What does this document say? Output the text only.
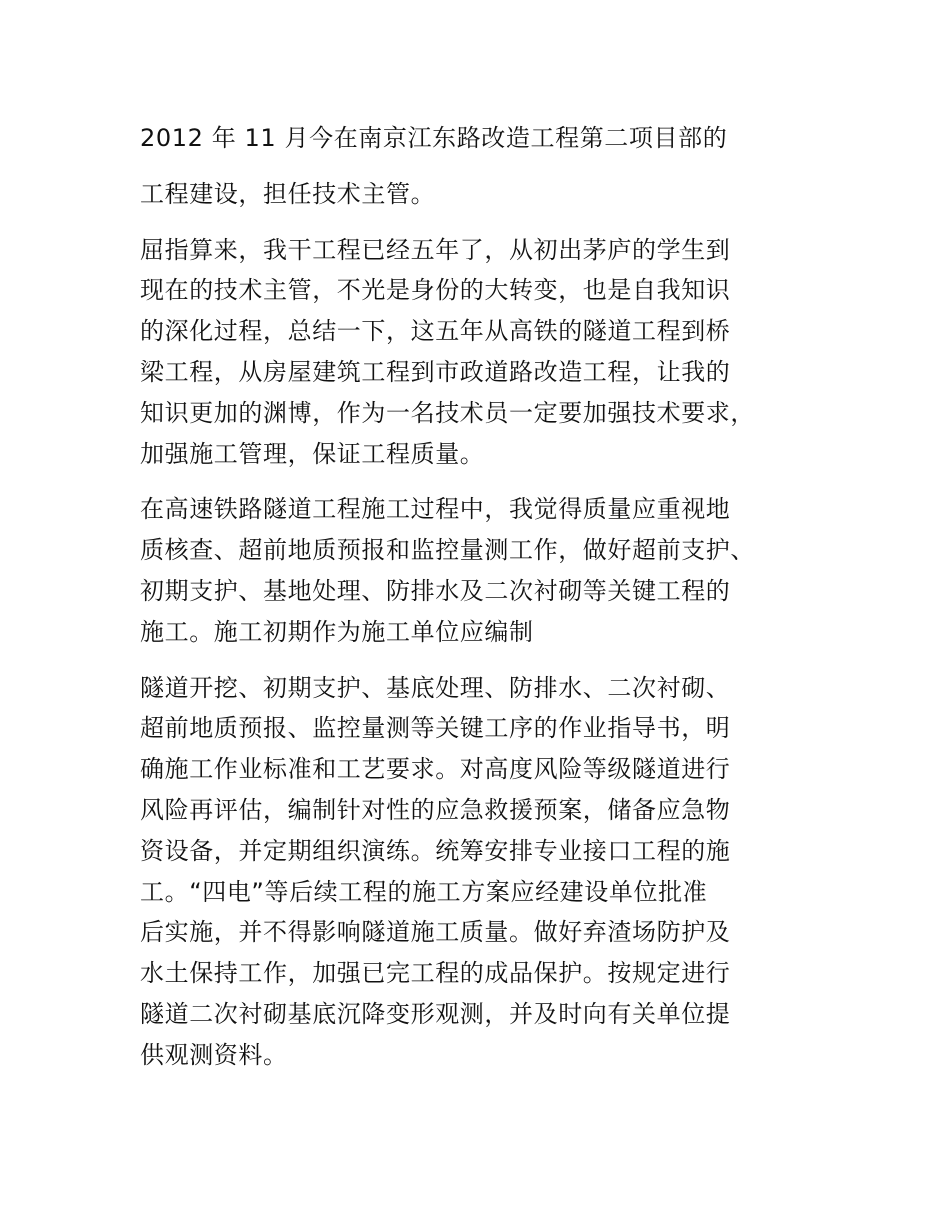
2012 年 11 月今在南京江东路改造工程第二项目部的

工程建设，担任技术主管。

屈指算来，我干工程已经五年了，从初出茅庐的学生到
现在的技术主管，不光是身份的大转变，也是自我知识
的深化过程，总结一下，这五年从高铁的隧道工程到桥
梁工程，从房屋建筑工程到市政道路改造工程，让我的
知识更加的渊博，作为一名技术员一定要加强技术要求，
加强施工管理，保证工程质量。

在高速铁路隧道工程施工过程中，我觉得质量应重视地
质核查、超前地质预报和监控量测工作，做好超前支护、
初期支护、基地处理、防排水及二次衬砌等关键工程的
施工。施工初期作为施工单位应编制

隧道开挖、初期支护、基底处理、防排水、二次衬砌、
超前地质预报、监控量测等关键工序的作业指导书，明
确施工作业标准和工艺要求。对高度风险等级隧道进行
风险再评估，编制针对性的应急救援预案，储备应急物
资设备，并定期组织演练。统筹安排专业接口工程的施
工。“四电”等后续工程的施工方案应经建设单位批准
后实施，并不得影响隧道施工质量。做好弃渣场防护及
水土保持工作，加强已完工程的成品保护。按规定进行
隧道二次衬砌基底沉降变形观测，并及时向有关单位提
供观测资料。
